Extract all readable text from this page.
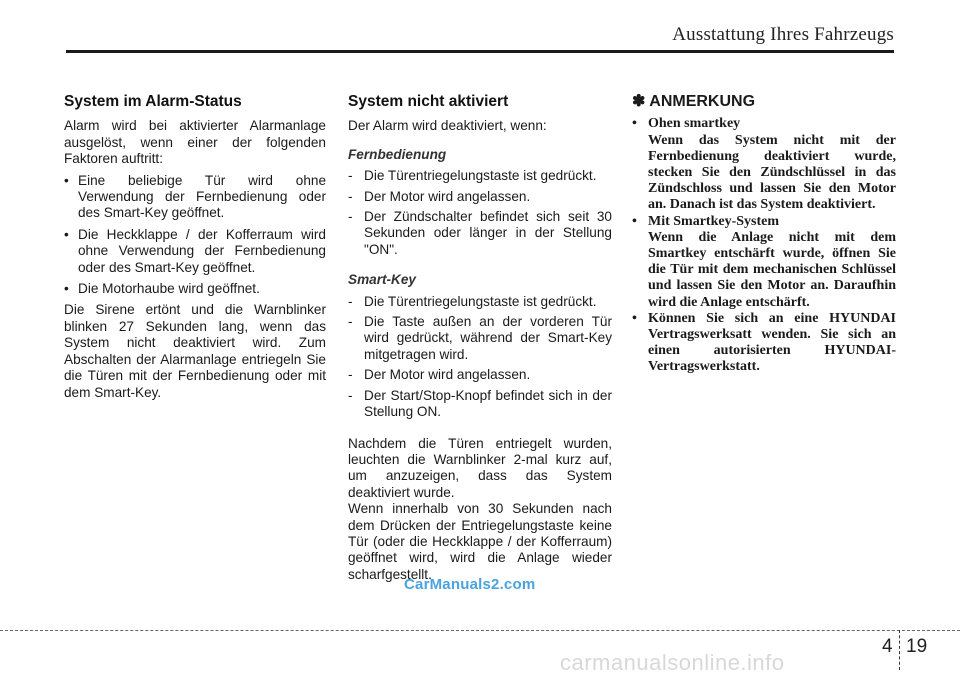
Ausstattung Ihres Fahrzeugs
System im Alarm-Status

Alarm wird bei aktivierter Alarmanlage ausgelöst, wenn einer der folgenden Faktoren auftritt:

• Eine beliebige Tür wird ohne Verwendung der Fernbedienung oder des Smart-Key geöffnet.
• Die Heckklappe / der Kofferraum wird ohne Verwendung der Fernbedienung oder des Smart-Key geöffnet.
• Die Motorhaube wird geöffnet.

Die Sirene ertönt und die Warnblinker blinken 27 Sekunden lang, wenn das System nicht deaktiviert wird. Zum Abschalten der Alarmanlage entriegeln Sie die Türen mit der Fernbedienung oder mit dem Smart-Key.

System nicht aktiviert

Der Alarm wird deaktiviert, wenn:

Fernbedienung
- Die Türentriegelungstaste ist gedrückt.
- Der Motor wird angelassen.
- Der Zündschalter befindet sich seit 30 Sekunden oder länger in der Stellung "ON".
Smart-Key
- Die Türentriegelungstaste ist gedrückt.
- Die Taste außen an der vorderen Tür wird gedrückt, während der Smart-Key mitgetragen wird.
- Der Motor wird angelassen.
- Der Start/Stop-Knopf befindet sich in der Stellung ON.

Nachdem die Türen entriegelt wurden, leuchten die Warnblinker 2-mal kurz auf, um anzuzeigen, dass das System deaktiviert wurde.

Wenn innerhalb von 30 Sekunden nach dem Drücken der Entriegelungstaste keine Tür (oder die Heckklappe / der Kofferraum) geöffnet wird, wird die Anlage wieder scharfgestellt.

✽ ANMERKUNG
• Ohen smartkey
Wenn das System nicht mit der Fernbedienung deaktiviert wurde, stecken Sie den Zündschlüssel in das Zündschloss und lassen Sie den Motor an. Danach ist das System deaktiviert.
• Mit Smartkey-System
Wenn die Anlage nicht mit dem Smartkey entschärft wurde, öffnen Sie die Tür mit dem mechanischen Schlüssel und lassen Sie den Motor an. Daraufhin wird die Anlage entschärft.
• Können Sie sich an eine HYUNDAI Vertragswerksatt wenden. Sie sich an einen autorisierten HYUNDAI-Vertragswerkstatt.
CarManuals2.com
4 19
carmanualsonline.info
